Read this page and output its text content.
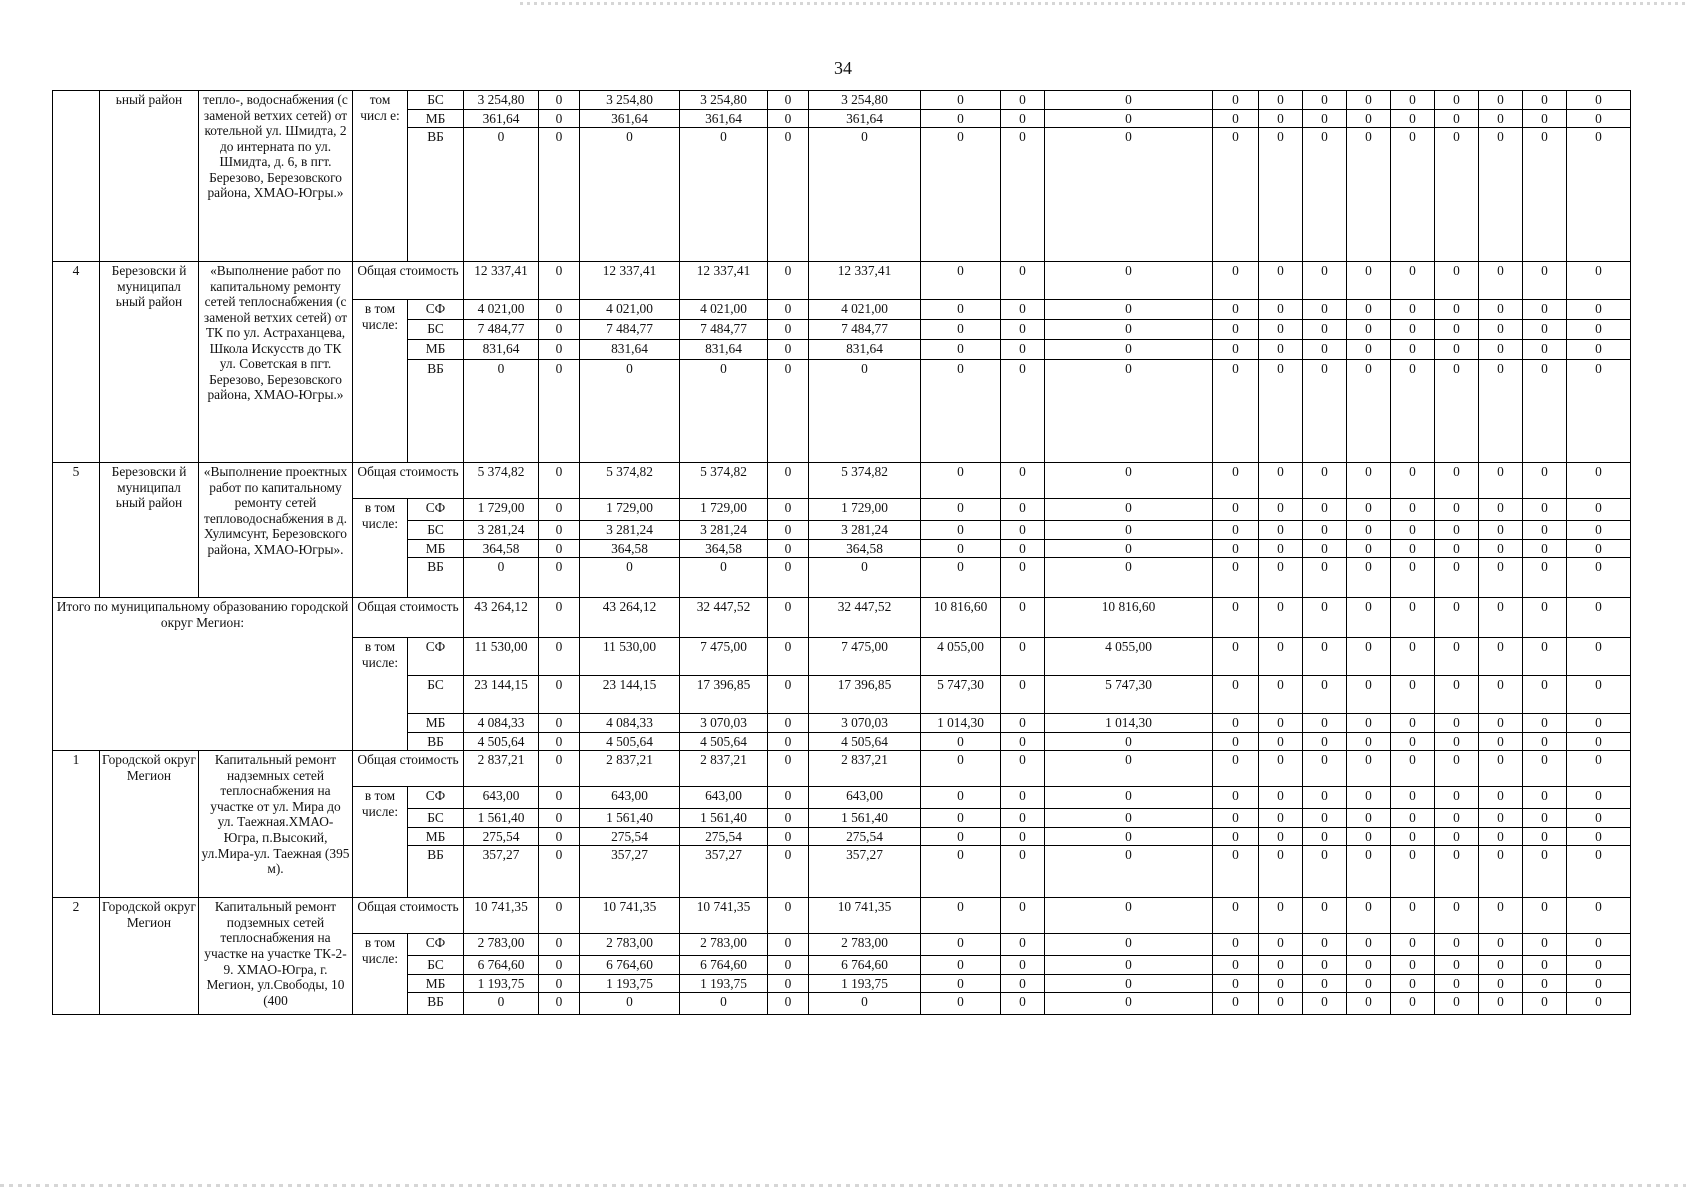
34
	ьный район	тепло-, водоснабжения (с заменой ветхих сетей) от котельной ул. Шмидта, 2 до интерната по ул. Шмидта, д. 6, в пгт. Березово, Березовского района, ХМАО-Югры.»	том числ е:	БС	3 254,80	0	3 254,80	3 254,80	0	3 254,80	0	0	0	0	0	0	0	0	0	0	0	0
				МБ	361,64	0	361,64	361,64	0	361,64	0	0	0	0	0	0	0	0	0	0	0	0
				ВБ	0	0	0	0	0	0	0	0	0	0	0	0	0	0	0	0	0	0
4	Березовски й муниципал ьный район	«Выполнение работ по капитальному ремонту сетей теплоснабжения (с заменой ветхих сетей) от ТК по ул. Астраханцева, Школа Искусств до ТК ул. Советская в пгт. Березово, Березовского района, ХМАО-Югры.»	Общая стоимость		12 337,41	0	12 337,41	12 337,41	0	12 337,41	0	0	0	0	0	0	0	0	0	0	0	0
			в том числе:	СФ	4 021,00	0	4 021,00	4 021,00	0	4 021,00	0	0	0	0	0	0	0	0	0	0	0	0
				БС	7 484,77	0	7 484,77	7 484,77	0	7 484,77	0	0	0	0	0	0	0	0	0	0	0	0
				МБ	831,64	0	831,64	831,64	0	831,64	0	0	0	0	0	0	0	0	0	0	0	0
				ВБ	0	0	0	0	0	0	0	0	0	0	0	0	0	0	0	0	0	0
5	Березовски й муниципал ьный район	«Выполнение проектных работ по капитальному ремонту сетей тепловодоснабжения в д. Хулимсунт, Березовского района, ХМАО-Югры».	Общая стоимость		5 374,82	0	5 374,82	5 374,82	0	5 374,82	0	0	0	0	0	0	0	0	0	0	0	0
			в том числе:	СФ	1 729,00	0	1 729,00	1 729,00	0	1 729,00	0	0	0	0	0	0	0	0	0	0	0	0
				БС	3 281,24	0	3 281,24	3 281,24	0	3 281,24	0	0	0	0	0	0	0	0	0	0	0	0
				МБ	364,58	0	364,58	364,58	0	364,58	0	0	0	0	0	0	0	0	0	0	0	0
				ВБ	0	0	0	0	0	0	0	0	0	0	0	0	0	0	0	0	0	0
Итого по муниципальному образованию городской округ Мегион:			Общая стоимость		43 264,12	0	43 264,12	32 447,52	0	32 447,52	10 816,60	0	10 816,60	0	0	0	0	0	0	0	0	0
			в том числе:	СФ	11 530,00	0	11 530,00	7 475,00	0	7 475,00	4 055,00	0	4 055,00	0	0	0	0	0	0	0	0	0
				БС	23 144,15	0	23 144,15	17 396,85	0	17 396,85	5 747,30	0	5 747,30	0	0	0	0	0	0	0	0	0
				МБ	4 084,33	0	4 084,33	3 070,03	0	3 070,03	1 014,30	0	1 014,30	0	0	0	0	0	0	0	0	0
				ВБ	4 505,64	0	4 505,64	4 505,64	0	4 505,64	0	0	0	0	0	0	0	0	0	0	0	0
1	Городской округ Мегион	Капитальный ремонт надземных сетей теплоснабжения на участке от ул. Мира до ул. Таежная.ХМАО-Югра, п.Высокий, ул.Мира-ул. Таежная (395 м).	Общая стоимость		2 837,21	0	2 837,21	2 837,21	0	2 837,21	0	0	0	0	0	0	0	0	0	0	0	0
			в том числе:	СФ	643,00	0	643,00	643,00	0	643,00	0	0	0	0	0	0	0	0	0	0	0	0
				БС	1 561,40	0	1 561,40	1 561,40	0	1 561,40	0	0	0	0	0	0	0	0	0	0	0	0
				МБ	275,54	0	275,54	275,54	0	275,54	0	0	0	0	0	0	0	0	0	0	0	0
				ВБ	357,27	0	357,27	357,27	0	357,27	0	0	0	0	0	0	0	0	0	0	0	0
2	Городской округ Мегион	Капитальный ремонт подземных сетей теплоснабжения на участке на участке ТК-2-9. ХМАО-Югра, г. Мегион, ул.Свободы, 10 (400	Общая стоимость		10 741,35	0	10 741,35	10 741,35	0	10 741,35	0	0	0	0	0	0	0	0	0	0	0	0
			в том числе:	СФ	2 783,00	0	2 783,00	2 783,00	0	2 783,00	0	0	0	0	0	0	0	0	0	0	0	0
				БС	6 764,60	0	6 764,60	6 764,60	0	6 764,60	0	0	0	0	0	0	0	0	0	0	0	0
				МБ	1 193,75	0	1 193,75	1 193,75	0	1 193,75	0	0	0	0	0	0	0	0	0	0	0	0
				ВБ	0	0	0	0	0	0	0	0	0	0	0	0	0	0	0	0	0	0
